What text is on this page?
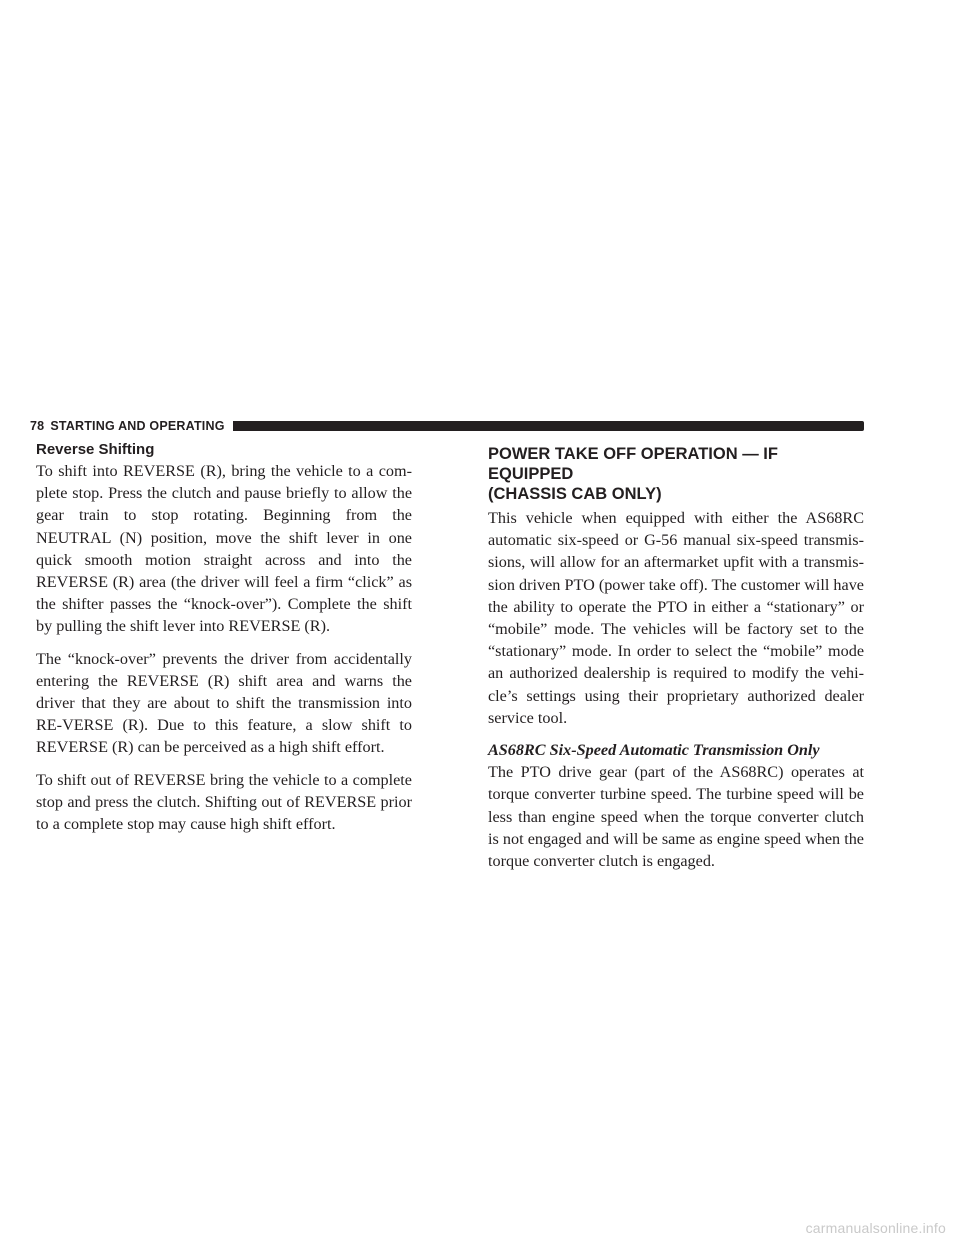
78 STARTING AND OPERATING
Reverse Shifting

To shift into REVERSE (R), bring the vehicle to a com-plete stop. Press the clutch and pause briefly to allow the gear train to stop rotating. Beginning from the NEUTRAL (N) position, move the shift lever in one quick smooth motion straight across and into the REVERSE (R) area (the driver will feel a firm “click” as the shifter passes the “knock-over”). Complete the shift by pulling the shift lever into REVERSE (R).

The “knock-over” prevents the driver from accidentally entering the REVERSE (R) shift area and warns the driver that they are about to shift the transmission into RE-VERSE (R). Due to this feature, a slow shift to REVERSE (R) can be perceived as a high shift effort.

To shift out of REVERSE bring the vehicle to a complete stop and press the clutch. Shifting out of REVERSE prior to a complete stop may cause high shift effort.

POWER TAKE OFF OPERATION — IF EQUIPPED
(CHASSIS CAB ONLY)

This vehicle when equipped with either the AS68RC automatic six-speed or G-56 manual six-speed transmis-sions, will allow for an aftermarket upfit with a transmis-sion driven PTO (power take off). The customer will have the ability to operate the PTO in either a “stationary” or “mobile” mode. The vehicles will be factory set to the “stationary” mode. In order to select the “mobile” mode an authorized dealership is required to modify the vehi-cle’s settings using their proprietary authorized dealer service tool.

AS68RC Six-Speed Automatic Transmission Only

The PTO drive gear (part of the AS68RC) operates at torque converter turbine speed. The turbine speed will be less than engine speed when the torque converter clutch is not engaged and will be same as engine speed when the torque converter clutch is engaged.

carmanualsonline.info
